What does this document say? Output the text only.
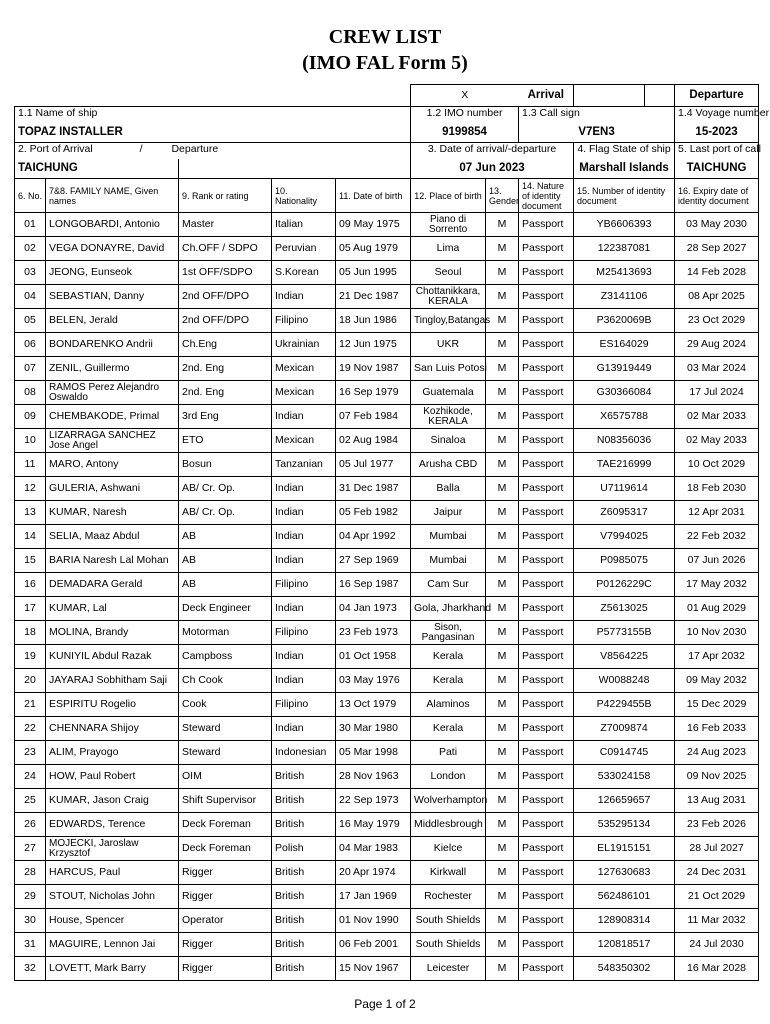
CREW LIST
(IMO FAL Form 5)
					X		Arrival		Departure
1.1 Name of ship					1.2 IMO number		1.3 Call sign		1.4 Voyage number
TOPAZ INSTALLER					9199854		V7EN3		15-2023
2. Port of Arrival / Departure					3. Date of arrival/-departure			4. Flag State of ship	5. Last port of call
TAICHUNG					07 Jun 2023			Marshall Islands	TAICHUNG
6. No.	7&8. FAMILY NAME, Given names	9. Rank or rating	10. Nationality	11. Date of birth	12. Place of birth	13. Gender	14. Nature of identity document	15. Number of identity document	16. Expiry date of identity document
01	LONGOBARDI, Antonio	Master	Italian	09 May 1975	Piano di Sorrento	M	Passport	YB6606393	03 May 2030
02	VEGA DONAYRE, David	Ch.OFF / SDPO	Peruvian	05 Aug 1979	Lima	M	Passport	122387081	28 Sep 2027
03	JEONG, Eunseok	1st OFF/SDPO	S.Korean	05 Jun 1995	Seoul	M	Passport	M25413693	14 Feb 2028
04	SEBASTIAN, Danny	2nd OFF/DPO	Indian	21 Dec 1987	Chottanikkara, KERALA	M	Passport	Z3141106	08 Apr 2025
05	BELEN, Jerald	2nd OFF/DPO	Filipino	18 Jun 1986	Tingloy,Batangas	M	Passport	P3620069B	23 Oct 2029
06	BONDARENKO Andrii	Ch.Eng	Ukrainian	12 Jun 1975	UKR	M	Passport	ES164029	29 Aug 2024
07	ZENIL, Guillermo	2nd. Eng	Mexican	19 Nov 1987	San Luis Potosi	M	Passport	G13919449	03 Mar 2024
08	RAMOS Perez Alejandro Oswaldo	2nd. Eng	Mexican	16 Sep 1979	Guatemala	M	Passport	G30366084	17 Jul 2024
09	CHEMBAKODE, Primal	3rd Eng	Indian	07 Feb 1984	Kozhikode, KERALA	M	Passport	X6575788	02 Mar 2033
10	LIZARRAGA SANCHEZ Jose Angel	ETO	Mexican	02 Aug 1984	Sinaloa	M	Passport	N08356036	02 May 2033
11	MARO, Antony	Bosun	Tanzanian	05 Jul 1977	Arusha CBD	M	Passport	TAE216999	10 Oct 2029
12	GULERIA, Ashwani	AB/ Cr. Op.	Indian	31 Dec 1987	Balla	M	Passport	U7119614	18 Feb 2030
13	KUMAR, Naresh	AB/ Cr. Op.	Indian	05 Feb 1982	Jaipur	M	Passport	Z6095317	12 Apr 2031
14	SELIA, Maaz Abdul	AB	Indian	04 Apr 1992	Mumbai	M	Passport	V7994025	22 Feb 2032
15	BARIA Naresh Lal Mohan	AB	Indian	27 Sep 1969	Mumbai	M	Passport	P0985075	07 Jun 2026
16	DEMADARA Gerald	AB	Filipino	16 Sep 1987	Cam Sur	M	Passport	P0126229C	17 May 2032
17	KUMAR, Lal	Deck Engineer	Indian	04 Jan 1973	Gola, Jharkhand	M	Passport	Z5613025	01 Aug 2029
18	MOLINA, Brandy	Motorman	Filipino	23 Feb 1973	Sison, Pangasinan	M	Passport	P5773155B	10 Nov 2030
19	KUNIYIL Abdul Razak	Campboss	Indian	01 Oct 1958	Kerala	M	Passport	V8564225	17 Apr 2032
20	JAYARAJ Sobhitham Saji	Ch Cook	Indian	03 May 1976	Kerala	M	Passport	W0088248	09 May 2032
21	ESPIRITU Rogelio	Cook	Filipino	13 Oct 1979	Alaminos	M	Passport	P4229455B	15 Dec 2029
22	CHENNARA Shijoy	Steward	Indian	30 Mar 1980	Kerala	M	Passport	Z7009874	16 Feb 2033
23	ALIM, Prayogo	Steward	Indonesian	05 Mar 1998	Pati	M	Passport	C0914745	24 Aug 2023
24	HOW, Paul Robert	OIM	British	28 Nov 1963	London	M	Passport	533024158	09 Nov 2025
25	KUMAR, Jason Craig	Shift Supervisor	British	22 Sep 1973	Wolverhampton	M	Passport	126659657	13 Aug 2031
26	EDWARDS, Terence	Deck Foreman	British	16 May 1979	Middlesbrough	M	Passport	535295134	23 Feb 2026
27	MOJECKI, Jaroslaw Krzysztof	Deck Foreman	Polish	04 Mar 1983	Kielce	M	Passport	EL1915151	28 Jul 2027
28	HARCUS, Paul	Rigger	British	20 Apr 1974	Kirkwall	M	Passport	127630683	24 Dec 2031
29	STOUT, Nicholas John	Rigger	British	17 Jan 1969	Rochester	M	Passport	562486101	21 Oct 2029
30	House, Spencer	Operator	British	01 Nov 1990	South Shields	M	Passport	128908314	11 Mar 2032
31	MAGUIRE, Lennon Jai	Rigger	British	06 Feb 2001	South Shields	M	Passport	120818517	24 Jul 2030
32	LOVETT, Mark Barry	Rigger	British	15 Nov 1967	Leicester	M	Passport	548350302	16 Mar 2028
Page 1 of 2
